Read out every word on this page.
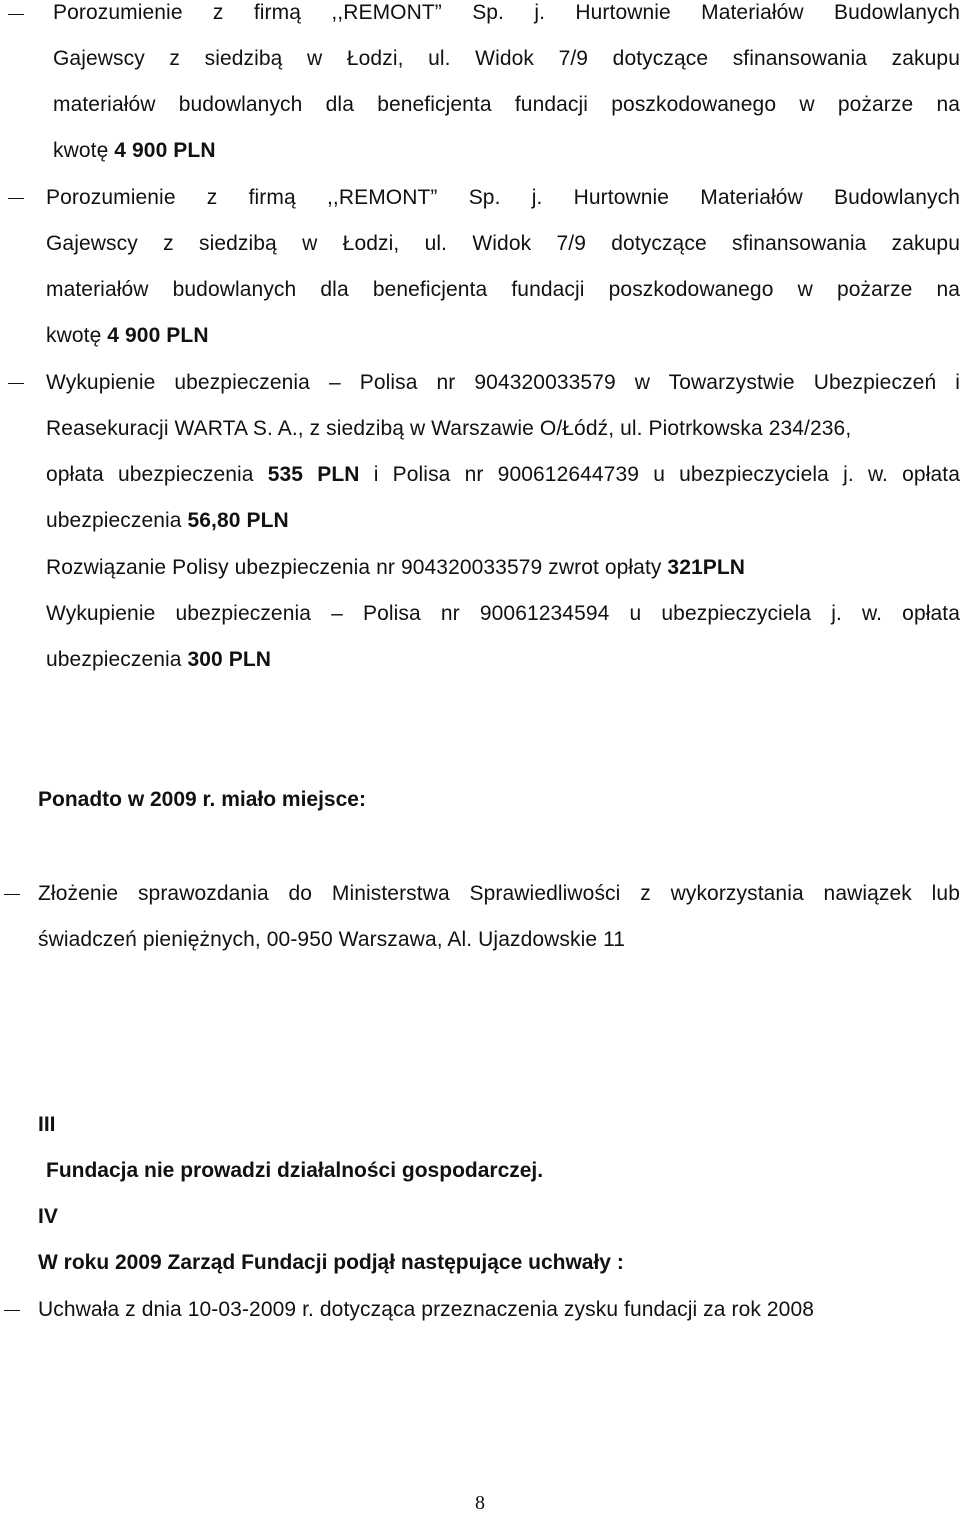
Porozumienie z firmą ,,REMONT” Sp. j. Hurtownie Materiałów Budowlanych
Gajewscy z siedzibą w Łodzi, ul. Widok 7/9 dotyczące sfinansowania zakupu
materiałów budowlanych dla beneficjenta fundacji poszkodowanego w pożarze na
kwotę 4 900 PLN
Porozumienie z firmą ,,REMONT” Sp. j. Hurtownie Materiałów Budowlanych
Gajewscy z siedzibą w Łodzi, ul. Widok 7/9 dotyczące sfinansowania zakupu
materiałów budowlanych dla beneficjenta fundacji poszkodowanego w pożarze na
kwotę 4 900 PLN
Wykupienie ubezpieczenia – Polisa nr 904320033579 w Towarzystwie Ubezpieczeń i
Reasekuracji WARTA S. A., z siedzibą w Warszawie O/Łódź, ul. Piotrkowska 234/236,
opłata ubezpieczenia 535 PLN i Polisa nr 900612644739 u ubezpieczyciela j. w. opłata
ubezpieczenia 56,80 PLN
Rozwiązanie Polisy ubezpieczenia nr 904320033579 zwrot opłaty 321PLN
Wykupienie ubezpieczenia – Polisa nr 90061234594 u ubezpieczyciela j. w. opłata
ubezpieczenia 300 PLN
Ponadto w 2009 r. miało miejsce:
Złożenie sprawozdania do Ministerstwa Sprawiedliwości z wykorzystania nawiązek lub
świadczeń pieniężnych, 00-950 Warszawa, Al. Ujazdowskie 11
III
Fundacja nie prowadzi działalności gospodarczej.
IV
W roku 2009 Zarząd Fundacji podjął następujące uchwały :
Uchwała z dnia 10-03-2009 r. dotycząca przeznaczenia zysku fundacji za rok 2008
8
